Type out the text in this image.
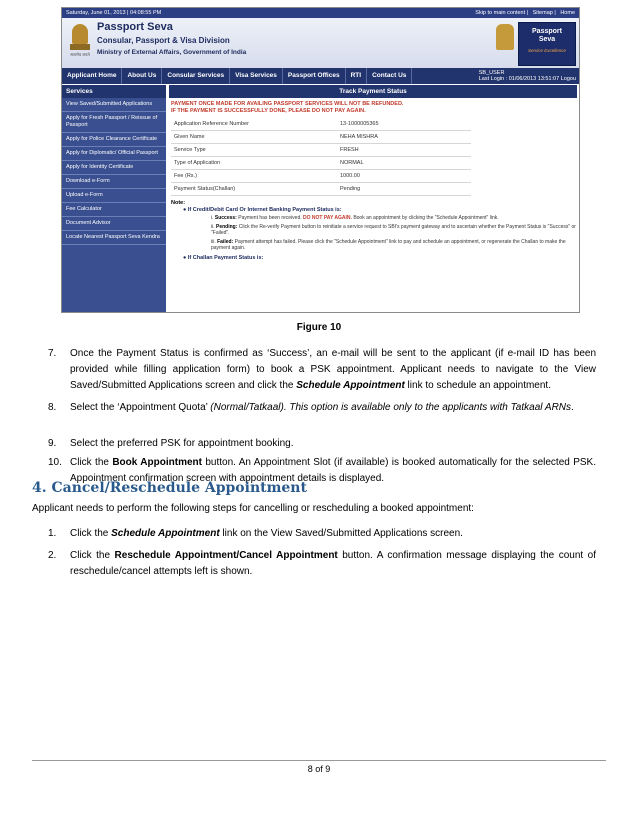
Saturday, June 01, 2013 | 04:08:55 PM	Skip to main content | Sitemap | Home
सत्यमेव जयते
Passport Seva
Consular, Passport & Visa Division
Ministry of External Affairs, Government of India
Passport
Seva
Service Excellence
Applicant Home	About Us	Consular Services	Visa Services	Passport Offices	RTI	Contact Us	SB_USER
Last Login : 01/06/2013 13:51:07 Logou
Services
View Saved/Submitted Applications
Apply for Fresh Passport / Reissue of Passport
Apply for Police Clearance Certificate
Apply for Diplomatic/ Official Passport
Apply for Identity Certificate
Download e-Form
Upload e-Form
Fee Calculator
Document Advisor
Locate Nearest Passport Seva Kendra
Track Payment Status
PAYMENT ONCE MADE FOR AVAILING PASSPORT SERVICES WILL NOT BE REFUNDED.
IF THE PAYMENT IS SUCCESSFULLY DONE, PLEASE DO NOT PAY AGAIN.
Application Reference Number	13-1000005365
Given Name	NEHA MISHRA
Service Type	FRESH
Type of Application	NORMAL
Fee (Rs.)	1000.00
Payment Status(Challan)	Pending
Note:
● If Credit/Debit Card Or Internet Banking Payment Status is:
i. Success: Payment has been received. DO NOT PAY AGAIN. Book an appointment by clicking the "Schedule Appointment" link.
ii. Pending: Click the Re-verify Payment button to reinitiate a service request to SBI's payment gateway and to ascertain whether the Payment Status is "Success" or "Failed".
iii. Failed: Payment attempt has failed. Please click the "Schedule Appointment" link to pay and schedule an appointment, or regenerate the Challan to make the payment again.
● If Challan Payment Status is:
Figure 10
7. Once the Payment Status is confirmed as ‘Success’, an e-mail will be sent to the applicant (if e-mail ID has been provided while filling application form) to book a PSK appointment. Applicant needs to navigate to the View Saved/Submitted Applications screen and click the Schedule Appointment link to schedule an appointment.
8. Select the ‘Appointment Quota’ (Normal/Tatkaal). This option is available only to the applicants with Tatkaal ARNs.
9. Select the preferred PSK for appointment booking.
10. Click the Book Appointment button. An Appointment Slot (if available) is booked automatically for the selected PSK. Appointment confirmation screen with appointment details is displayed.
4. Cancel/Reschedule Appointment
Applicant needs to perform the following steps for cancelling or rescheduling a booked appointment:
1. Click the Schedule Appointment link on the View Saved/Submitted Applications screen.
2. Click the Reschedule Appointment/Cancel Appointment button. A confirmation message displaying the count of reschedule/cancel attempts left is shown.
8 of 9
